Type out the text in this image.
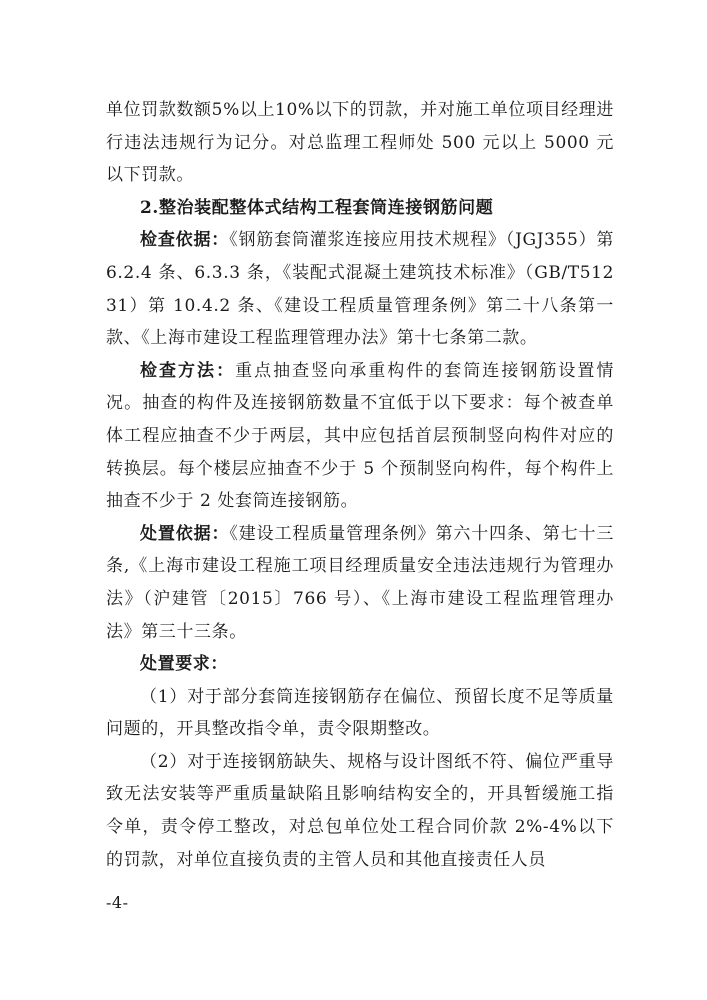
单位罚款数额5%以上10%以下的罚款，并对施工单位项目经理进行违法违规行为记分。对总监理工程师处 500 元以上 5000 元以下罚款。

2.整治装配整体式结构工程套筒连接钢筋问题

检查依据：《钢筋套筒灌浆连接应用技术规程》（JGJ355）第 6.2.4 条、6.3.3 条，《装配式混凝土建筑技术标准》（GB/T51231）第 10.4.2 条、《建设工程质量管理条例》第二十八条第一款、《上海市建设工程监理管理办法》第十七条第二款。

检查方法：重点抽查竖向承重构件的套筒连接钢筋设置情况。抽查的构件及连接钢筋数量不宜低于以下要求：每个被查单体工程应抽查不少于两层，其中应包括首层预制竖向构件对应的转换层。每个楼层应抽查不少于 5 个预制竖向构件，每个构件上抽查不少于 2 处套筒连接钢筋。

处置依据：《建设工程质量管理条例》第六十四条、第七十三条,《上海市建设工程施工项目经理质量安全违法违规行为管理办法》（沪建管〔2015〕766 号）、《上海市建设工程监理管理办法》第三十三条。

处置要求：

（1）对于部分套筒连接钢筋存在偏位、预留长度不足等质量问题的，开具整改指令单，责令限期整改。

（2）对于连接钢筋缺失、规格与设计图纸不符、偏位严重导致无法安装等严重质量缺陷且影响结构安全的，开具暂缓施工指令单，责令停工整改，对总包单位处工程合同价款 2%-4%以下的罚款，对单位直接负责的主管人员和其他直接责任人员

-4-
